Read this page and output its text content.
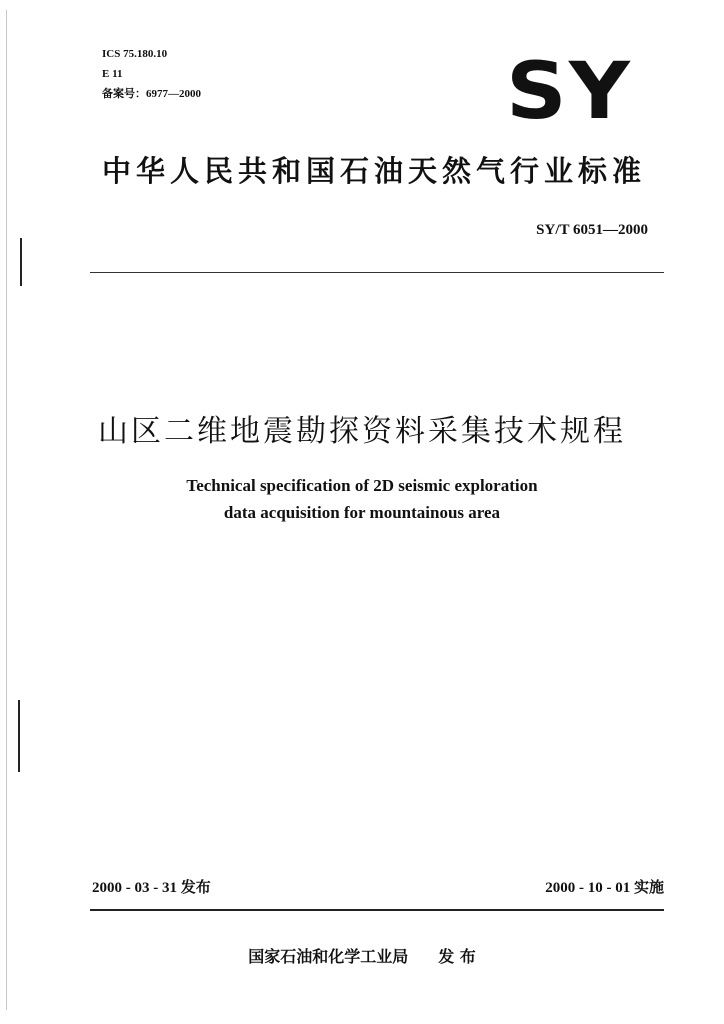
ICS 75.180.10
E 11
备案号：6977—2000	SY
中华人民共和国石油天然气行业标准
SY/T 6051—2000
山区二维地震勘探资料采集技术规程
Technical specification of 2D seismic exploration
data acquisition for mountainous area
2000 - 03 - 31 发布	2000 - 10 - 01 实施
国家石油和化学工业局 发 布
